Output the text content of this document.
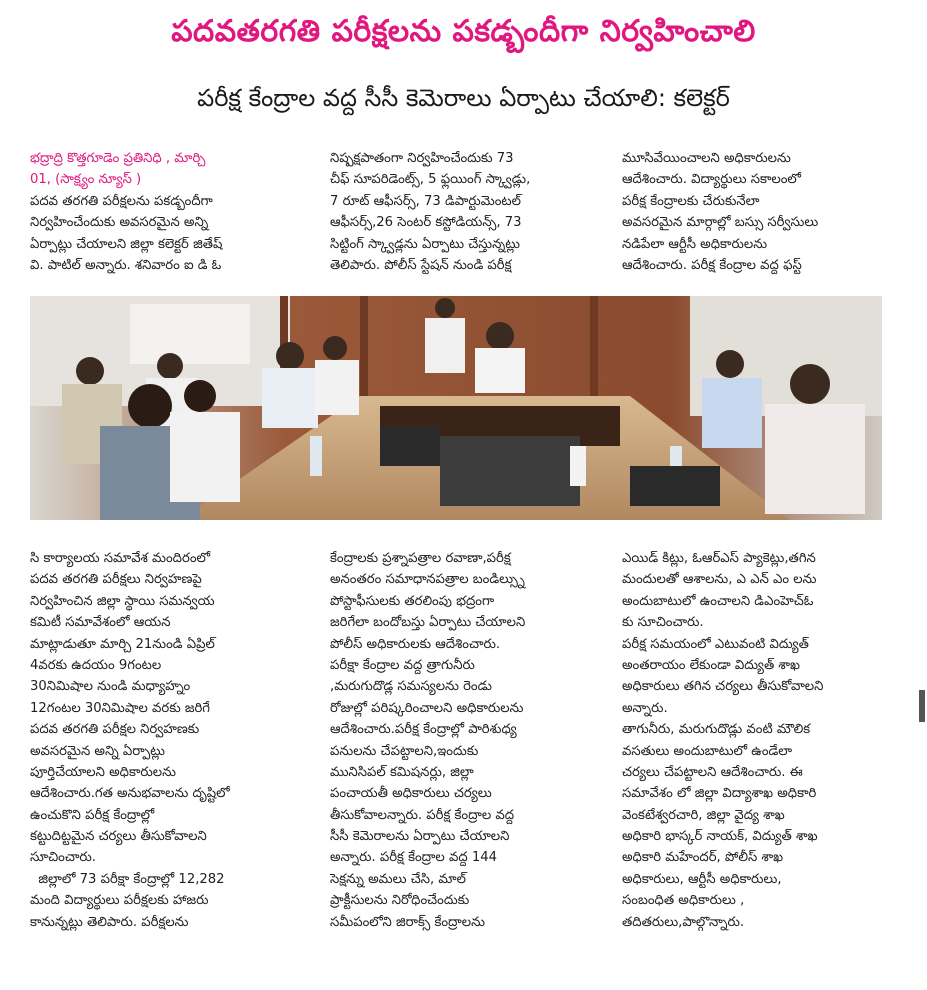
పదవతరగతి పరీక్షలను పకడ్బందీగా నిర్వహించాలి
పరీక్ష కేంద్రాల వద్ద సీసీ కెమెరాలు ఏర్పాటు చేయాలి: కలెక్టర్
భద్రాద్రి కొత్తగూడెం ప్రతినిధి , మార్చి
01, (సాక్ష్యం న్యూస్ )
పదవ తరగతి పరీక్షలను పకడ్బందీగా
నిర్వహించేందుకు అవసరమైన అన్ని
ఏర్పాట్లు చేయాలని జిల్లా కలెక్టర్ జితేష్
వి. పాటిల్ అన్నారు. శనివారం ఐ డి ఓ
నిష్పక్షపాతంగా నిర్వహించేందుకు 73
చీఫ్ సూపరిడెంట్స్, 5 ఫ్లయింగ్ స్క్వాడ్లు,
7 రూట్ ఆఫీసర్స్, 73 డిపార్టుమెంటల్
ఆఫీసర్స్,26 సెంటర్ కస్టోడియన్స్, 73
సిట్టింగ్ స్క్వాడ్లను ఏర్పాటు చేస్తున్నట్లు
తెలిపారు. పోలీస్ స్టేషన్ నుండి పరీక్ష
మూసివేయించాలని అధికారులను
ఆదేశించారు. విద్యార్థులు సకాలంలో
పరీక్ష కేంద్రాలకు చేరుకునేలా
అవసరమైన మార్గాల్లో బస్సు సర్వీసులు
నడిపేలా ఆర్టీసీ అధికారులను
ఆదేశించారు. పరీక్ష కేంద్రాల వద్ద ఫస్ట్
సి కార్యాలయ సమావేశ మందిరంలో
పదవ తరగతి పరీక్షలు నిర్వహణపై
నిర్వహించిన జిల్లా స్థాయి సమన్వయ
కమిటీ సమావేశంలో ఆయన
మాట్లాడుతూ మార్చి 21నుండి ఏప్రిల్
4వరకు ఉదయం 9గంటల
30నిమిషాల నుండి మధ్యాహ్నం
12గంటల 30నిమిషాల వరకు జరిగే
పదవ తరగతి పరీక్షల నిర్వహణకు
అవసరమైన అన్ని ఏర్పాట్లు
పూర్తిచేయాలని అధికారులను
ఆదేశించారు.గత అనుభవాలను దృష్టిలో
ఉంచుకొని పరీక్ష కేంద్రాల్లో
కట్టుదిట్టమైన చర్యలు తీసుకోవాలని
సూచించారు.
జిల్లాలో 73 పరీక్షా కేంద్రాల్లో 12,282
మంది విద్యార్థులు పరీక్షలకు హాజరు
కానున్నట్లు తెలిపారు. పరీక్షలను
కేంద్రాలకు ప్రశ్నాపత్రాల రవాణా,పరీక్ష
అనంతరం సమాధానపత్రాల బండిల్స్ను
పోస్టాఫీసులకు తరలింపు భద్రంగా
జరిగేలా బందోబస్తు ఏర్పాటు చేయాలని
పోలీస్ అధికారులకు ఆదేశించారు.
పరీక్షా కేంద్రాల వద్ద త్రాగునీరు
,మరుగుదొడ్ల సమస్యలను రెండు
రోజుల్లో పరిష్కరించాలని అధికారులను
ఆదేశించారు.పరీక్ష కేంద్రాల్లో పారిశుధ్య
పనులను చేపట్టాలని,ఇందుకు
మునిసిపల్ కమిషనర్లు, జిల్లా
పంచాయతీ అధికారులు చర్యలు
తీసుకోవాలన్నారు. పరీక్ష కేంద్రాల వద్ద
సీసీ కెమెరాలను ఏర్పాటు చేయాలని
అన్నారు. పరీక్ష కేంద్రాల వద్ద 144
సెక్షన్ను అమలు చేసి, మాల్
ప్రాక్టీసులను నిరోధించేందుకు
సమీపంలోని జిరాక్స్ కేంద్రాలను
ఎయిడ్ కిట్లు, ఓఆర్ఎస్ ప్యాకెట్లు,తగిన
మందులతో ఆశాలను, ఎ ఎన్ ఎం లను
అందుబాటులో ఉంచాలని డిఎంహెచ్ఓ
కు సూచించారు.
పరీక్ష సమయంలో ఎటువంటి విద్యుత్
అంతరాయం లేకుండా విద్యుత్ శాఖ
అధికారులు తగిన చర్యలు తీసుకోవాలని
అన్నారు.
తాగునీరు, మరుగుదొడ్లు వంటి మౌలిక
వసతులు అందుబాటులో ఉండేలా
చర్యలు చేపట్టాలని ఆదేశించారు. ఈ
సమావేశం లో జిల్లా విద్యాశాఖ అధికారి
వెంకటేశ్వరచారి, జిల్లా వైద్య శాఖ
అధికారి భాస్కర్ నాయక్, విద్యుత్ శాఖ
అధికారి మహేందర్, పోలీస్ శాఖ
అధికారులు, ఆర్టీసీ అధికారులు,
సంబంధిత అధికారులు ,
తదితరులు,పాల్గొన్నారు.
